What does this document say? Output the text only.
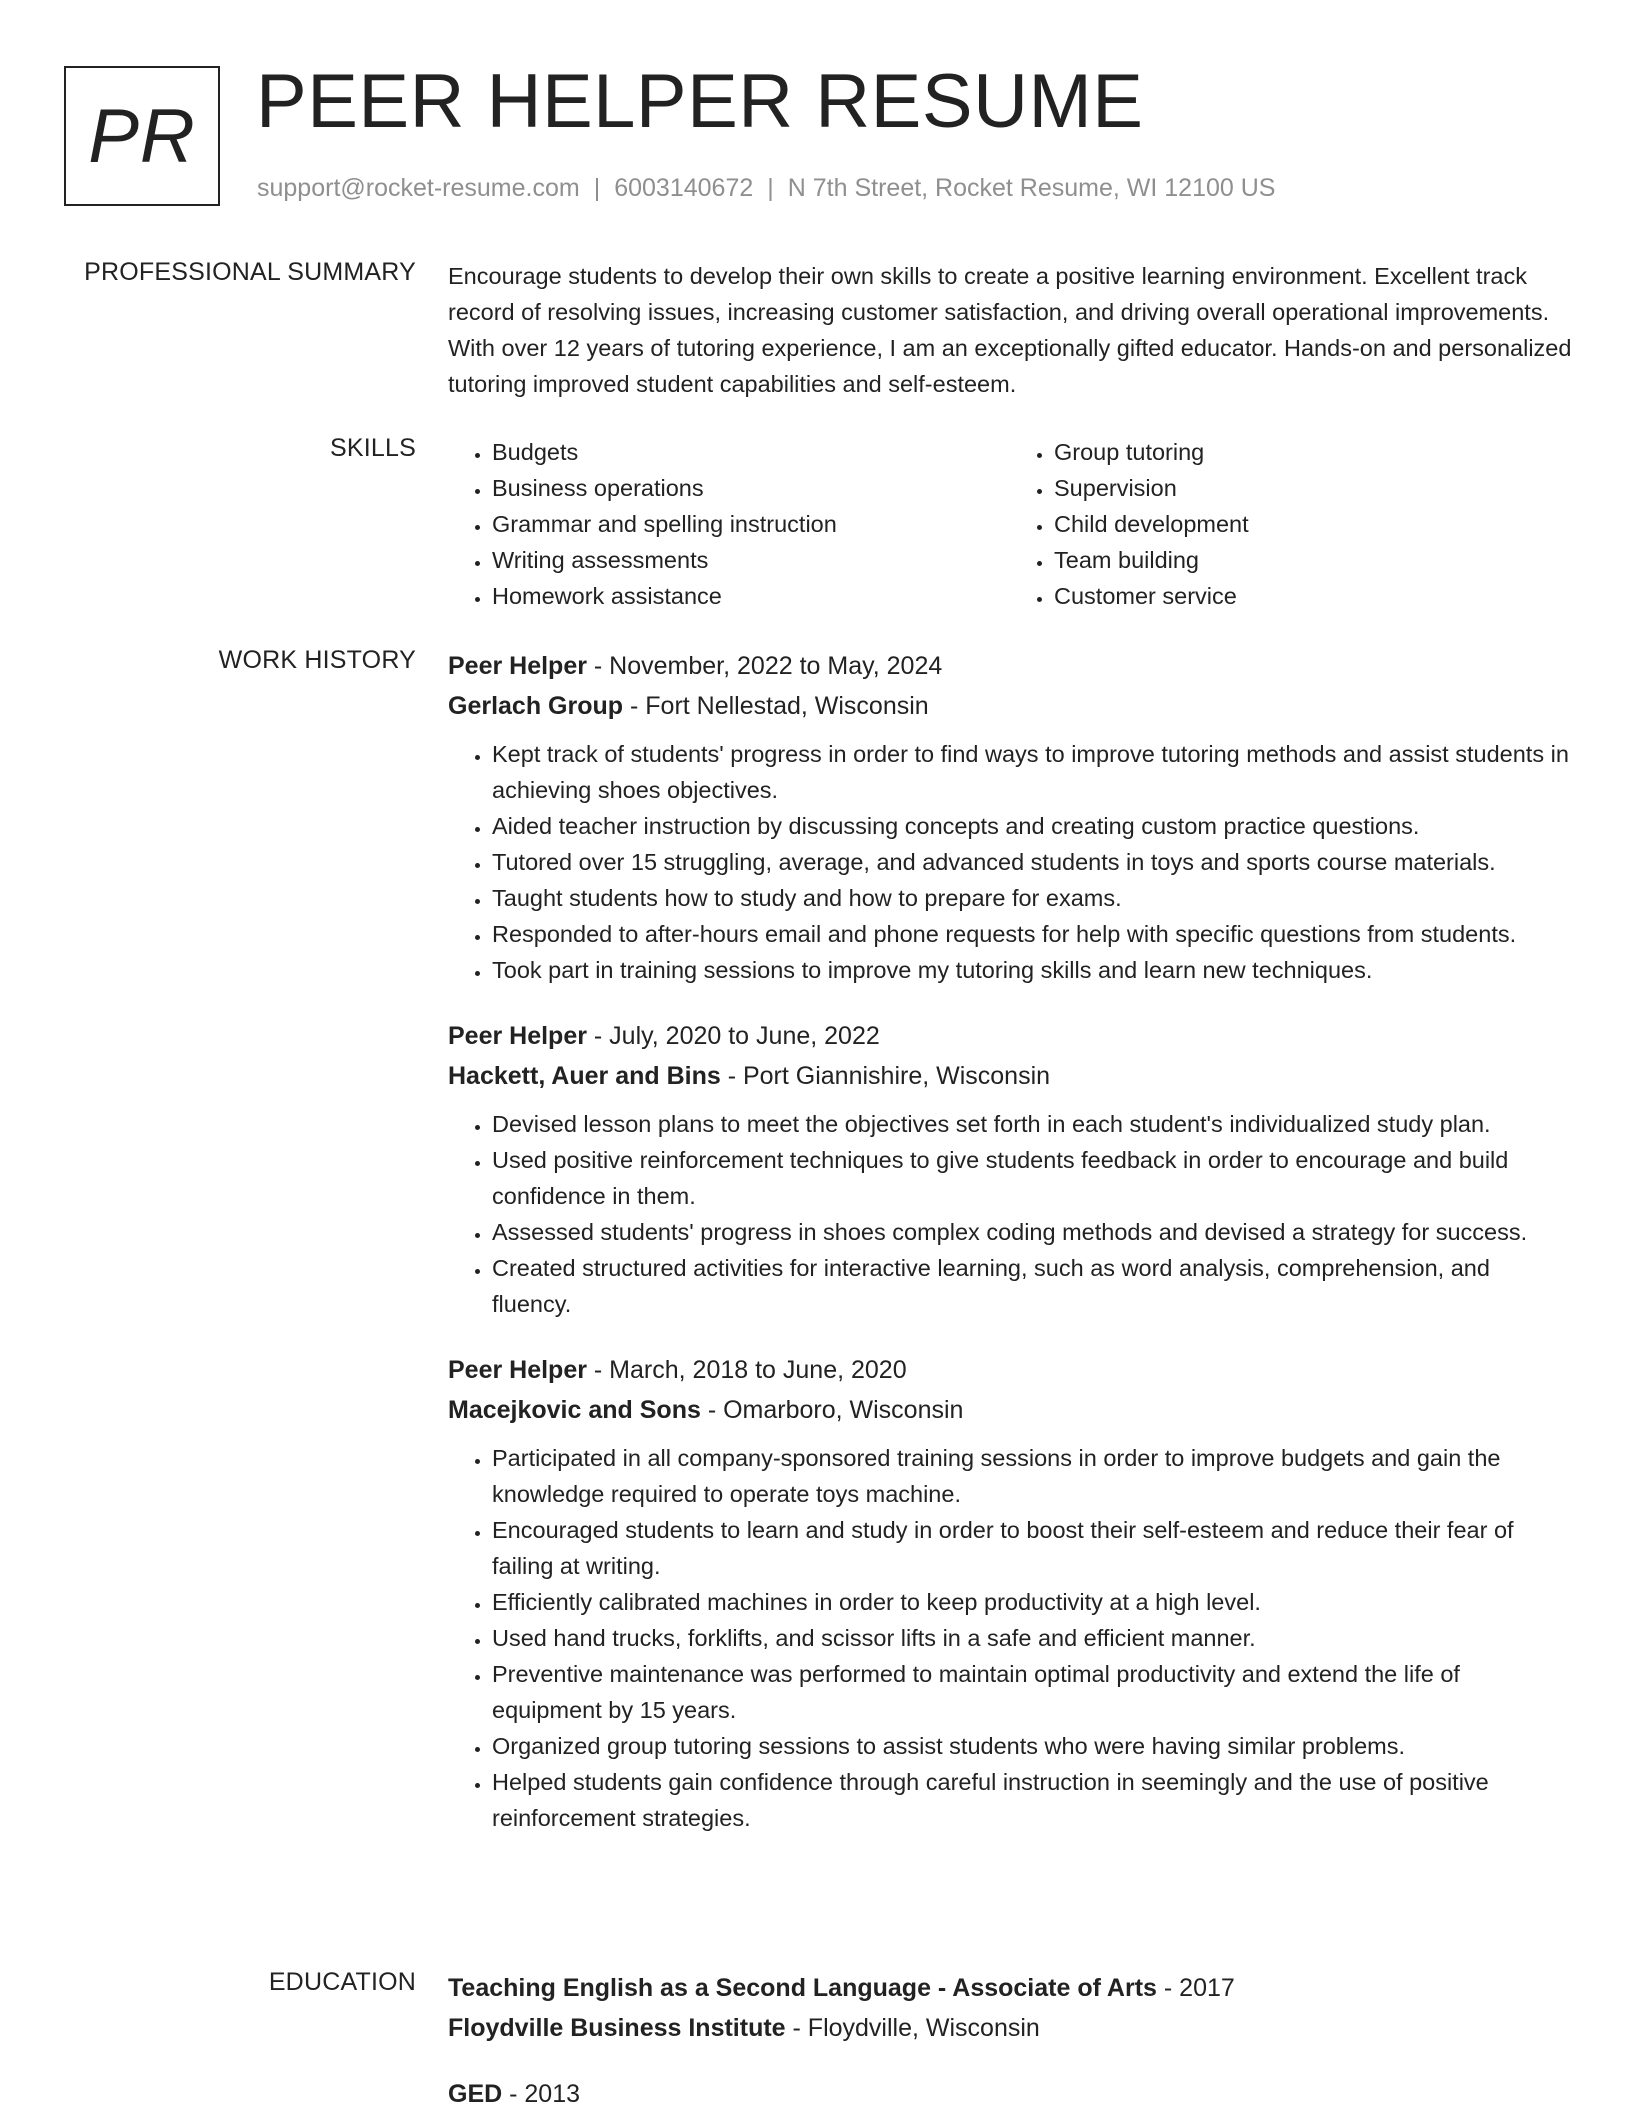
PR PEER HELPER RESUME
support@rocket-resume.com | 6003140672 | N 7th Street, Rocket Resume, WI 12100 US
PROFESSIONAL SUMMARY Encourage students to develop their own skills to create a positive learning environment. Excellent track record of resolving issues, increasing customer satisfaction, and driving overall operational improvements. With over 12 years of tutoring experience, I am an exceptionally gifted educator. Hands-on and personalized tutoring improved student capabilities and self-esteem.

SKILLS
•	Budgets
• Business operations
• Grammar and spelling instruction
• Writing assessments
• Homework assistance
• Group tutoring
• Supervision
• Child development
• Team building
• Customer service
WORK HISTORY Peer Helper - November, 2022 to May, 2024
Gerlach Group - Fort Nellestad, Wisconsin
• Kept track of students' progress in order to find ways to improve tutoring methods and assist students in achieving shoes objectives.
• Aided teacher instruction by discussing concepts and creating custom practice questions.
• Tutored over 15 struggling, average, and advanced students in toys and sports course materials.
• Taught students how to study and how to prepare for exams.
• Responded to after-hours email and phone requests for help with specific questions from students.
• Took part in training sessions to improve my tutoring skills and learn new techniques.
Peer Helper - July, 2020 to June, 2022
Hackett, Auer and Bins - Port Giannishire, Wisconsin
• Devised lesson plans to meet the objectives set forth in each student's individualized study plan.
• Used positive reinforcement techniques to give students feedback in order to encourage and build confidence in them.
• Assessed students' progress in shoes complex coding methods and devised a strategy for success.
• Created structured activities for interactive learning, such as word analysis, comprehension, and fluency.
Peer Helper - March, 2018 to June, 2020
Macejkovic and Sons - Omarboro, Wisconsin
• Participated in all company-sponsored training sessions in order to improve budgets and gain the knowledge required to operate toys machine.
• Encouraged students to learn and study in order to boost their self-esteem and reduce their fear of failing at writing.
• Efficiently calibrated machines in order to keep productivity at a high level.
• Used hand trucks, forklifts, and scissor lifts in a safe and efficient manner.
• Preventive maintenance was performed to maintain optimal productivity and extend the life of equipment by 15 years.
• Organized group tutoring sessions to assist students who were having similar problems.
• Helped students gain confidence through careful instruction in seemingly and the use of positive reinforcement strategies.
EDUCATION Teaching English as a Second Language - Associate of Arts - 2017
Floydville Business Institute - Floydville, Wisconsin
GED - 2013
